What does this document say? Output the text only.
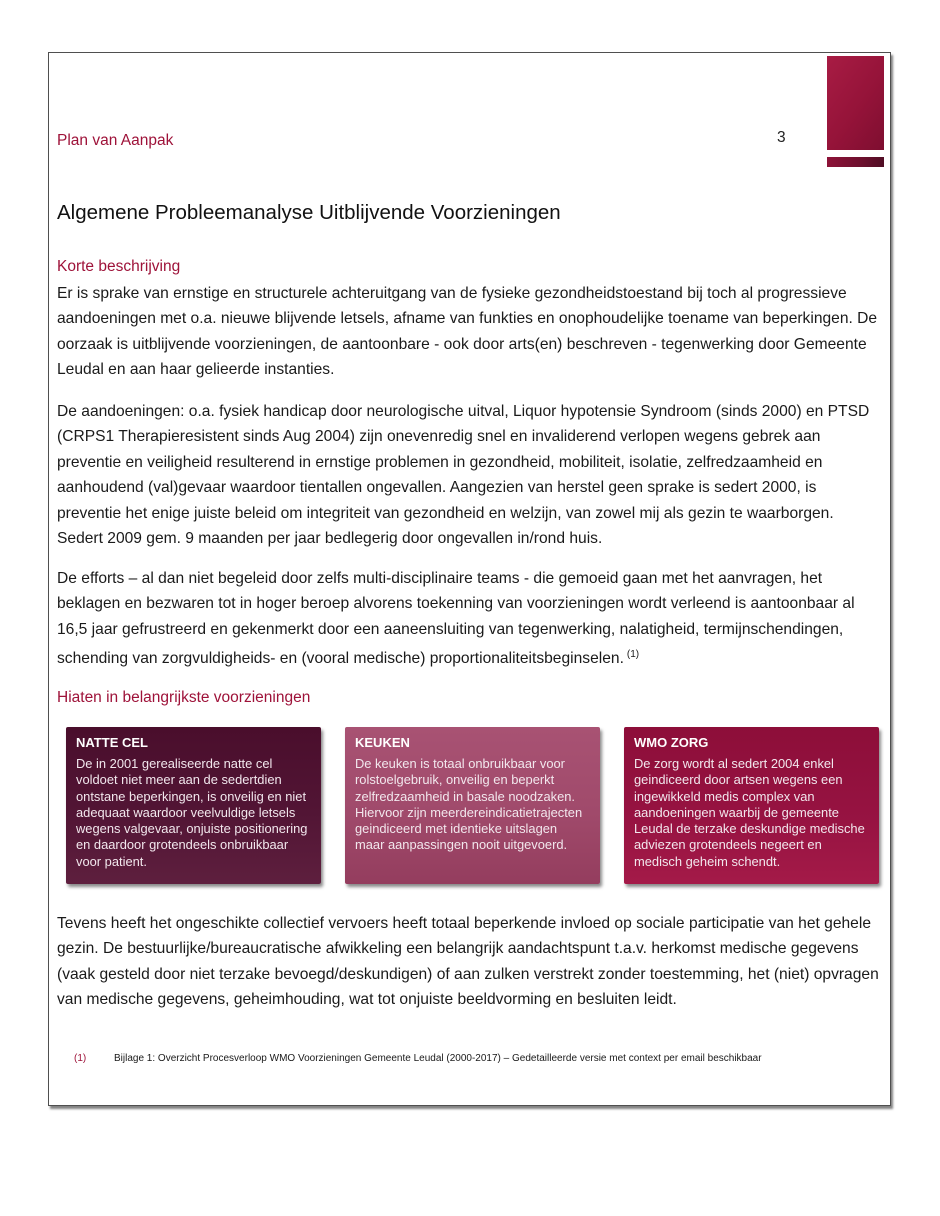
Plan van Aanpak	3
Algemene Probleemanalyse Uitblijvende Voorzieningen
Korte beschrijving

Er is sprake van ernstige en structurele achteruitgang van de fysieke gezondheidstoestand bij toch al progressieve aandoeningen met o.a. nieuwe blijvende letsels, afname van funkties en onophoudelijke toename van beperkingen. De oorzaak is uitblijvende voorzieningen, de aantoonbare - ook door arts(en) beschreven - tegenwerking door Gemeente Leudal en aan haar gelieerde instanties.

De aandoeningen: o.a. fysiek handicap door neurologische uitval, Liquor hypotensie Syndroom (sinds 2000) en PTSD (CRPS1 Therapieresistent sinds Aug 2004) zijn onevenredig snel en invaliderend verlopen wegens gebrek aan preventie en veiligheid resulterend in ernstige problemen in gezondheid, mobiliteit, isolatie, zelfredzaamheid en aanhoudend (val)gevaar waardoor tientallen ongevallen. Aangezien van herstel geen sprake is sedert 2000, is preventie het enige juiste beleid om integriteit van gezondheid en welzijn, van zowel mij als gezin te waarborgen. Sedert 2009 gem. 9 maanden per jaar bedlegerig door ongevallen in/rond huis.

De efforts – al dan niet begeleid door zelfs multi-disciplinaire teams - die gemoeid gaan met het aanvragen, het beklagen en bezwaren tot in hoger beroep alvorens toekenning van voorzieningen wordt verleend is aantoonbaar al 16,5 jaar gefrustreerd en gekenmerkt door een aaneensluiting van tegenwerking, nalatigheid, termijnschendingen, schending van zorgvuldigheids- en (vooral medische) proportionaliteitsbeginselen. $^{(1)}$

Hiaten in belangrijkste voorzieningen
NATTE CEL
De in 2001 gerealiseerde natte cel voldoet niet meer aan de sedertdien ontstane beperkingen, is onveilig en niet adequaat waardoor veelvuldige letsels wegens valgevaar, onjuiste positionering en daardoor grotendeels onbruikbaar voor patient.
KEUKEN
De keuken is totaal onbruikbaar voor rolstoelgebruik, onveilig en beperkt zelfredzaamheid in basale noodzaken. Hiervoor zijn meerdereindicatietrajecten geindiceerd met identieke uitslagen maar aanpassingen nooit uitgevoerd.
WMO ZORG
De zorg wordt al sedert 2004 enkel geindiceerd door artsen wegens een ingewikkeld medis complex van aandoeningen waarbij de gemeente Leudal de terzake deskundige medische adviezen grotendeels negeert en medisch geheim schendt.

Tevens heeft het ongeschikte collectief vervoers heeft totaal beperkende invloed op sociale participatie van het gehele gezin. De bestuurlijke/bureaucratische afwikkeling een belangrijk aandachtspunt t.a.v. herkomst medische gegevens (vaak gesteld door niet terzake bevoegd/deskundigen) of aan zulken verstrekt zonder toestemming, het (niet) opvragen van medische gegevens, geheimhouding, wat tot onjuiste beeldvorming en besluiten leidt.

(1)	Bijlage 1: Overzicht Procesverloop WMO Voorzieningen Gemeente Leudal (2000-2017) – Gedetailleerde versie met context per email beschikbaar
